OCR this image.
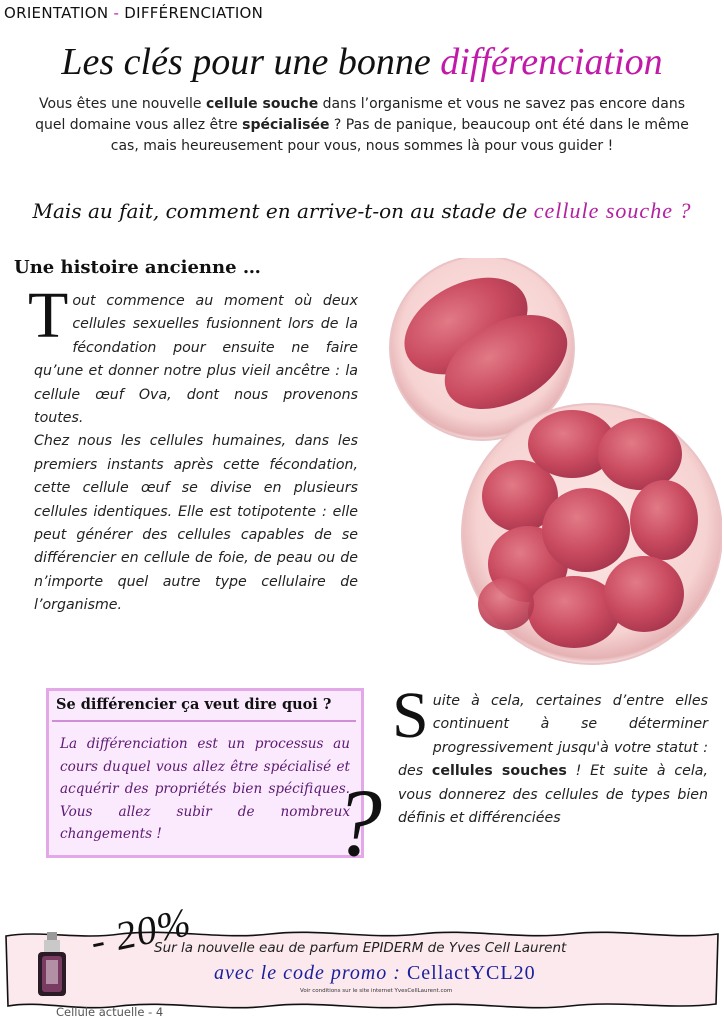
ORIENTATION - DIFFÉRENCIATION
Les clés pour une bonne différenciation
Vous êtes une nouvelle cellule souche dans l’organisme et vous ne savez pas encore dans quel domaine vous allez être spécialisée ? Pas de panique, beaucoup ont été dans le même cas, mais heureusement pour vous, nous sommes là pour vous guider !
Mais au fait, comment en arrive-t-on au stade de cellule souche ?
Une histoire ancienne …
Tout commence au moment où deux cellules sexuelles fusionnent lors de la fécondation pour ensuite ne faire qu’une et donner notre plus vieil ancêtre : la cellule œuf Ova, dont nous provenons toutes.
Chez nous les cellules humaines, dans les premiers instants après cette fécondation, cette cellule œuf se divise en plusieurs cellules identiques. Elle est totipotente : elle peut générer des cellules capables de se différencier en cellule de foie, de peau ou de n’importe quel autre type cellulaire de l’organisme.
Se différencier ça veut dire quoi ?
La différenciation est un processus au cours duquel vous allez être spécialisé et acquérir des propriétés bien spécifiques. Vous allez subir de nombreux changements !	?
Suite à cela, certaines d’entre elles continuent à se déterminer progressivement jusqu'à votre statut : des cellules souches ! Et suite à cela, vous donnerez des cellules de types bien définis et différenciées
- 20%
Sur la nouvelle eau de parfum EPIDERM de Yves Cell Laurent
avec le code promo : CellactYCL20
Voir conditions sur le site internet YvesCellLaurent.com
Cellule actuelle - 4
